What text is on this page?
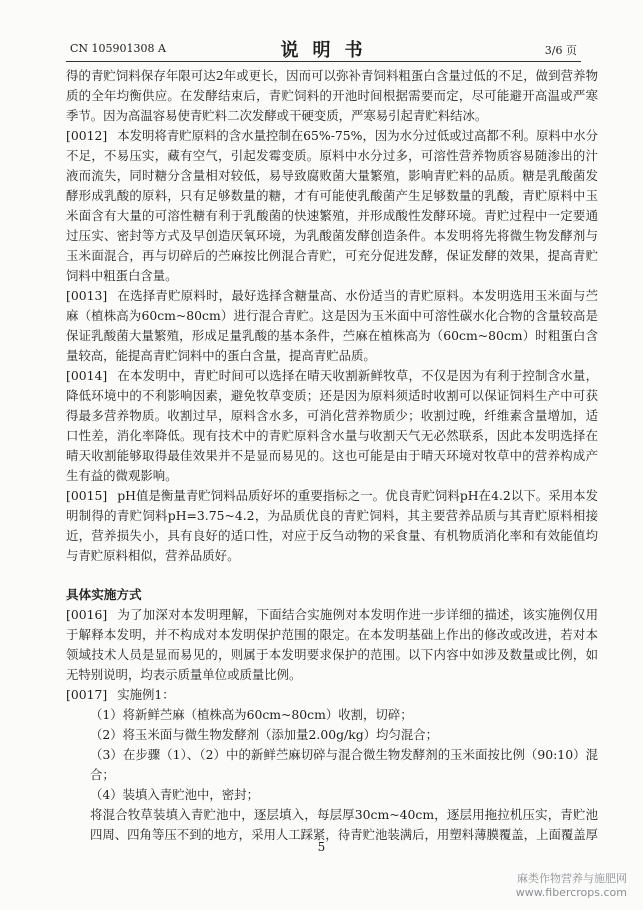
CN 105901308 A	说明书	3/6 页

得的青贮饲料保存年限可达2年或更长，因而可以弥补青饲料粗蛋白含量过低的不足，做到营养物质的全年均衡供应。在发酵结束后，青贮饲料的开池时间根据需要而定，尽可能避开高温或严寒季节。因为高温容易使青贮料二次发酵或干硬变质，严寒易引起青贮料结冰。

[0012] 本发明将青贮原料的含水量控制在65%-75%，因为水分过低或过高都不利。原料中水分不足，不易压实，藏有空气，引起发霉变质。原料中水分过多，可溶性营养物质容易随渗出的汁液而流失，同时糖分含量相对较低，易导致腐败菌大量繁殖，影响青贮料的品质。糖是乳酸菌发酵形成乳酸的原料，只有足够数量的糖，才有可能使乳酸菌产生足够数量的乳酸，青贮原料中玉米面含有大量的可溶性糖有利于乳酸菌的快速繁殖，并形成酸性发酵环境。青贮过程中一定要通过压实、密封等方式及早创造厌氧环境，为乳酸菌发酵创造条件。本发明将先将微生物发酵剂与玉米面混合，再与切碎后的苎麻按比例混合青贮，可充分促进发酵，保证发酵的效果，提高青贮饲料中粗蛋白含量。

[0013] 在选择青贮原料时，最好选择含糖量高、水份适当的青贮原料。本发明选用玉米面与苎麻（植株高为60cm~80cm）进行混合青贮。这是因为玉米面中可溶性碳水化合物的含量较高是保证乳酸菌大量繁殖，形成足量乳酸的基本条件，苎麻在植株高为（60cm~80cm）时粗蛋白含量较高，能提高青贮饲料中的蛋白含量，提高青贮品质。

[0014] 在本发明中，青贮时间可以选择在晴天收割新鲜牧草，不仅是因为有利于控制含水量，降低环境中的不利影响因素，避免牧草变质；还是因为原料须适时收割可以保证饲料生产中可获得最多营养物质。收割过早，原料含水多，可消化营养物质少；收割过晚，纤维素含量增加，适口性差，消化率降低。现有技术中的青贮原料含水量与收割天气无必然联系，因此本发明选择在晴天收割能够取得最佳效果并不是显而易见的。这也可能是由于晴天环境对牧草中的营养构成产生有益的微观影响。

[0015] pH值是衡量青贮饲料品质好坏的重要指标之一。优良青贮饲料pH在4.2以下。采用本发明制得的青贮饲料pH=3.75~4.2，为品质优良的青贮饲料，其主要营养品质与其青贮原料相接近，营养损失小，具有良好的适口性，对应于反刍动物的采食量、有机物质消化率和有效能值均与青贮原料相似，营养品质好。

具体实施方式

[0016] 为了加深对本发明理解，下面结合实施例对本发明作进一步详细的描述，该实施例仅用于解释本发明，并不构成对本发明保护范围的限定。在本发明基础上作出的修改或改进，若对本领域技术人员是显而易见的，则属于本发明要求保护的范围。以下内容中如涉及数量或比例，如无特别说明，均表示质量单位或质量比例。

[0017] 实施例1：

（1）将新鲜苎麻（植株高为60cm~80cm）收割，切碎；

（2）将玉米面与微生物发酵剂（添加量2.00g/kg）均匀混合；

（3）在步骤（1）、（2）中的新鲜苎麻切碎与混合微生物发酵剂的玉米面按比例（90:10）混合；

（4）装填入青贮池中，密封；

将混合牧草装填入青贮池中，逐层填入，每层厚30cm~40cm，逐层用拖拉机压实，青贮池四周、四角等压不到的地方，采用人工踩紧，待青贮池装满后，用塑料薄膜覆盖，上面覆盖厚

5
麻类作物营养与施肥网
www.fibercrops.com
